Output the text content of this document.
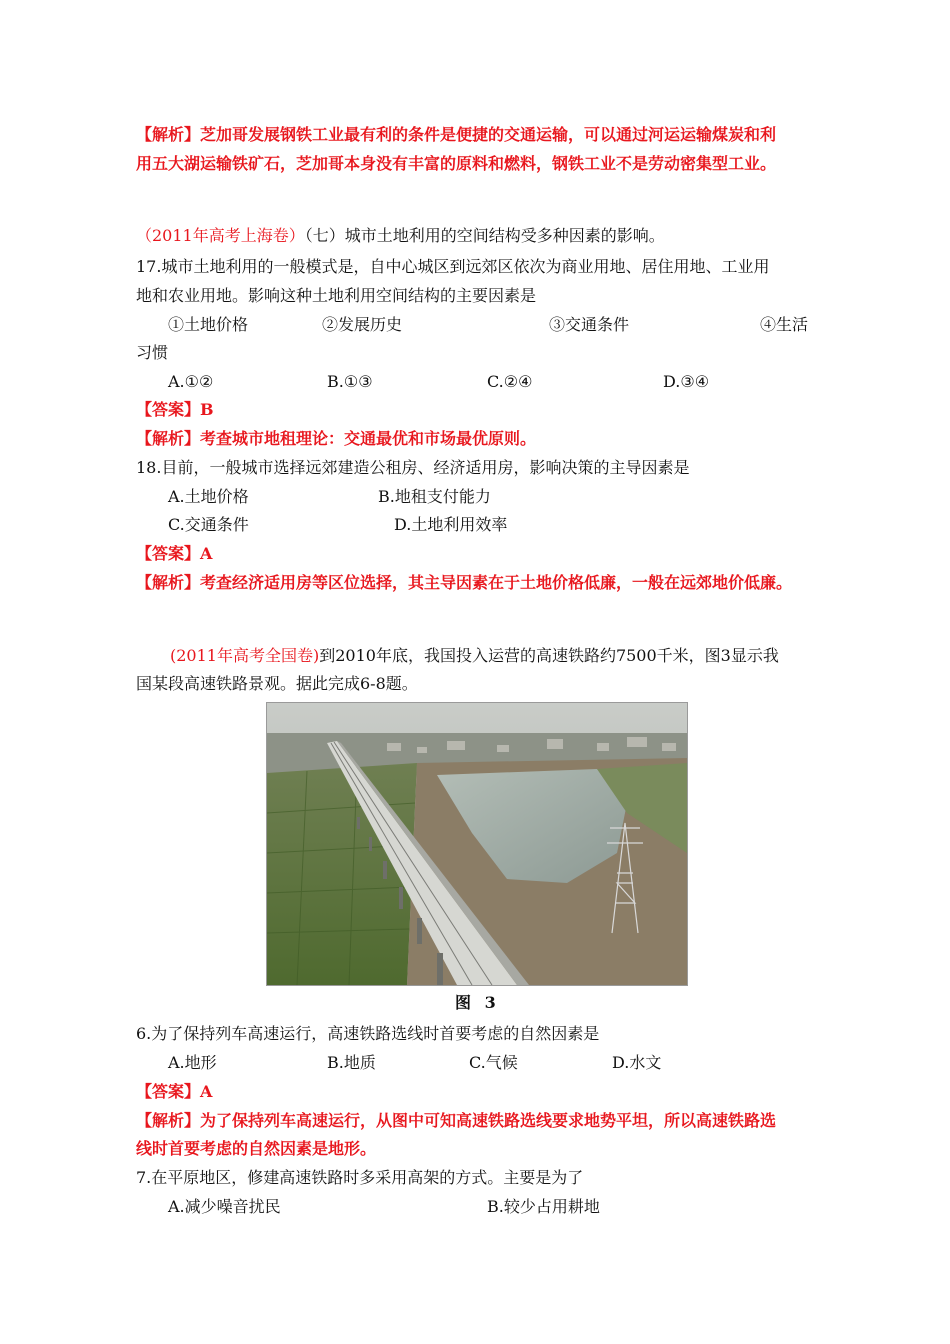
【解析】芝加哥发展钢铁工业最有利的条件是便捷的交通运输，可以通过河运运输煤炭和利
用五大湖运输铁矿石，芝加哥本身没有丰富的原料和燃料，钢铁工业不是劳动密集型工业。
（2011年高考上海卷）（七）城市土地利用的空间结构受多种因素的影响。
17.城市土地利用的一般模式是，自中心城区到远郊区依次为商业用地、居住用地、工业用
地和农业用地。影响这种土地利用空间结构的主要因素是
①土地价格	②发展历史	③交通条件	④生活
习惯
A.①②	B.①③	C.②④	D.③④
【答案】B
【解析】考查城市地租理论：交通最优和市场最优原则。
18.目前，一般城市选择远郊建造公租房、经济适用房，影响决策的主导因素是
A.土地价格	B.地租支付能力
C.交通条件	D.土地利用效率
【答案】A
【解析】考查经济适用房等区位选择，其主导因素在于土地价格低廉，一般在远郊地价低廉。
(2011年高考全国卷)到2010年底，我国投入运营的高速铁路约7500千米，图3显示我
国某段高速铁路景观。据此完成6-8题。
图 3
6.为了保持列车高速运行，高速铁路选线时首要考虑的自然因素是
A.地形	B.地质	C.气候	D.水文
【答案】A
【解析】为了保持列车高速运行，从图中可知高速铁路选线要求地势平坦，所以高速铁路选
线时首要考虑的自然因素是地形。
7.在平原地区，修建高速铁路时多采用高架的方式。主要是为了
A.减少噪音扰民	B.较少占用耕地
